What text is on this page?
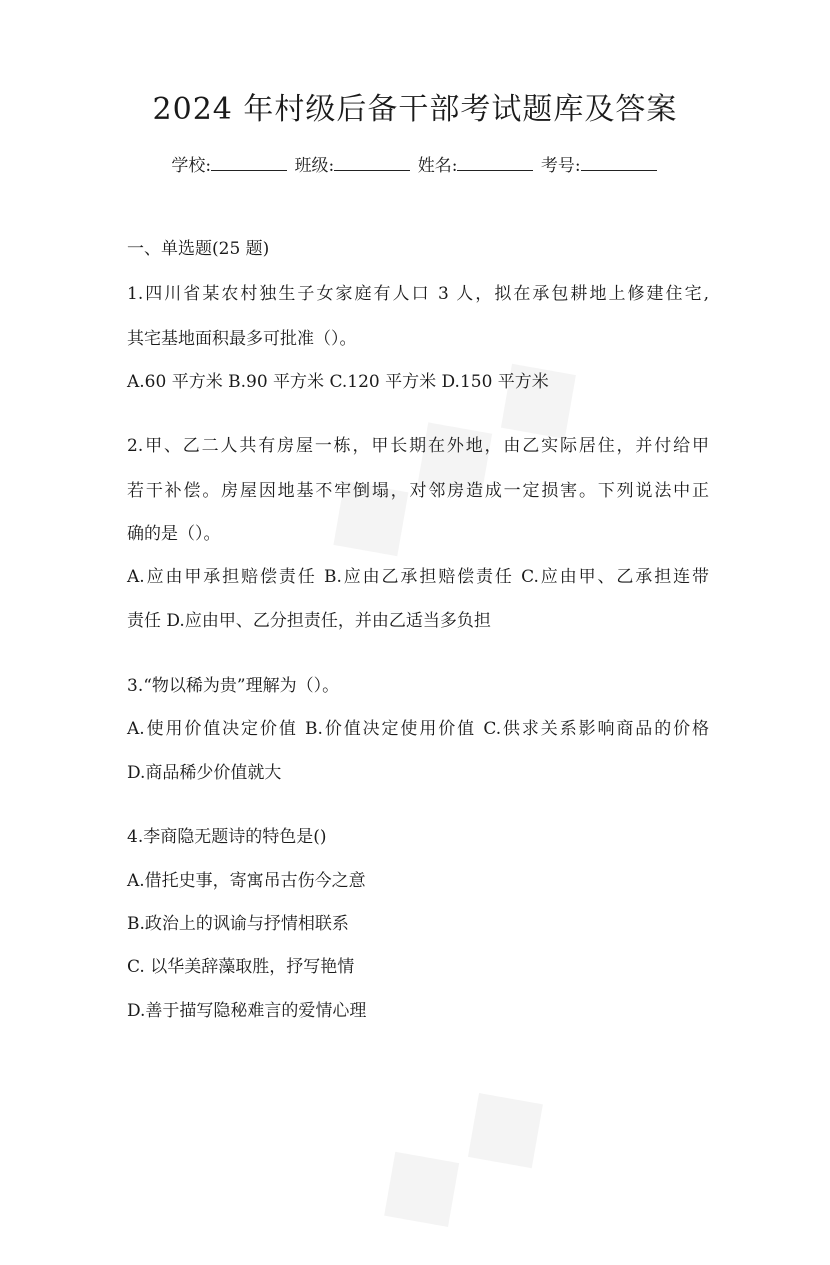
2024 年村级后备干部考试题库及答案
学校:	班级:	姓名:	考号:
一、单选题(25 题)
1.四川省某农村独生子女家庭有人口 3 人，拟在承包耕地上修建住宅,
其宅基地面积最多可批准（）。
A.60 平方米 B.90 平方米 C.120 平方米 D.150 平方米
2.甲、乙二人共有房屋一栋，甲长期在外地，由乙实际居住，并付给甲
若干补偿。房屋因地基不牢倒塌，对邻房造成一定损害。下列说法中正
确的是（）。
A.应由甲承担赔偿责任 B.应由乙承担赔偿责任 C.应由甲、乙承担连带
责任 D.应由甲、乙分担责任，并由乙适当多负担
3.“物以稀为贵”理解为（）。
A.使用价值决定价值 B.价值决定使用价值 C.供求关系影响商品的价格
D.商品稀少价值就大
4.李商隐无题诗的特色是()
A.借托史事，寄寓吊古伤今之意
B.政治上的讽谕与抒情相联系
C. 以华美辞藻取胜，抒写艳情
D.善于描写隐秘难言的爱情心理
